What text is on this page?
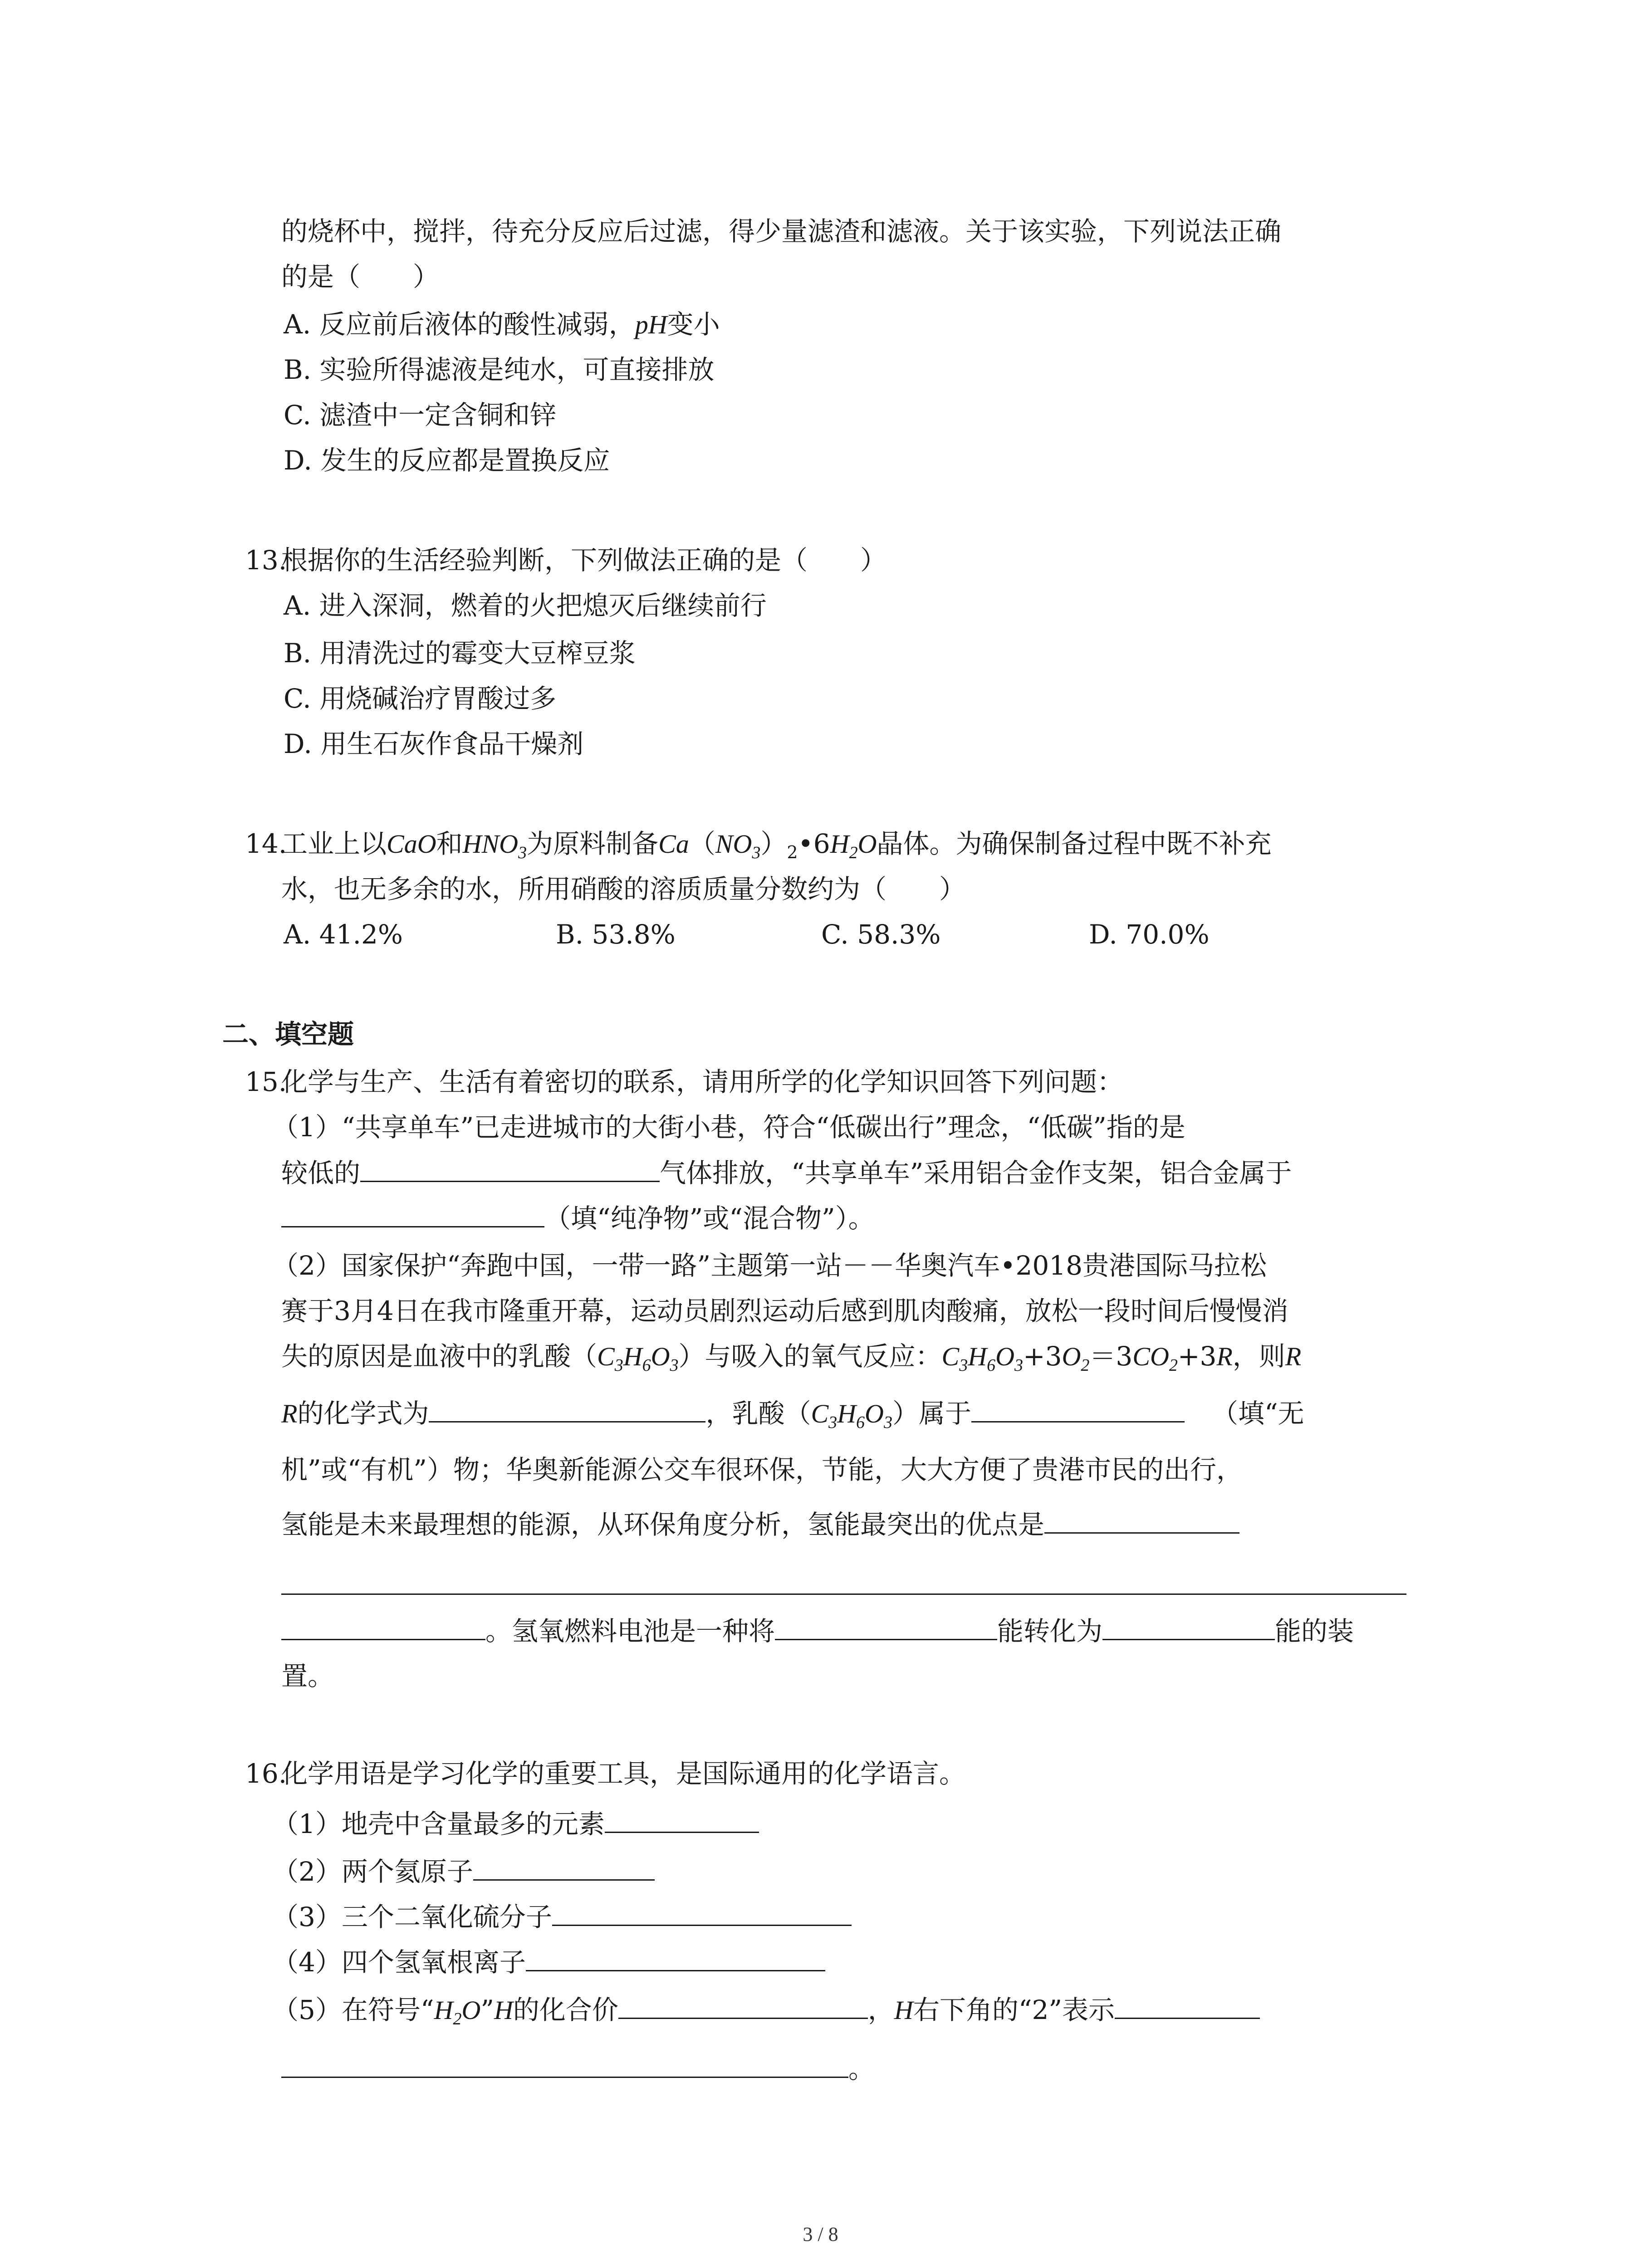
的烧杯中，搅拌，待充分反应后过滤，得少量滤渣和滤液。关于该实验，下列说法正确
的是（　　）
A. 反应前后液体的酸性减弱，pH变小
B. 实验所得滤液是纯水，可直接排放
C. 滤渣中一定含铜和锌
D. 发生的反应都是置换反应
13.
根据你的生活经验判断，下列做法正确的是（　　）
A. 进入深洞，燃着的火把熄灭后继续前行
B. 用清洗过的霉变大豆榨豆浆
C. 用烧碱治疗胃酸过多
D. 用生石灰作食品干燥剂
14.
工业上以CaO和$HNO_3$为原料制备$Ca(NO_3)_2•6H_2O$晶体。为确保制备过程中既不补充
水，也无多余的水，所用硝酸的溶质质量分数约为（　　）
A. 41.2%	B. 53.8%	C. 58.3%	D. 70.0%
二、填空题
15.
化学与生产、生活有着密切的联系，请用所学的化学知识回答下列问题：
（1）“共享单车”已走进城市的大街小巷，符合“低碳出行”理念，“低碳”指的是
较低的	气体排放，“共享单车”采用铝合金作支架，铝合金属于
（填“纯净物”或“混合物”）。
（2）国家保护“奔跑中国，一带一路”主题第一站－－华奥汽车•2018贵港国际马拉松
赛于3月4日在我市隆重开幕，运动员剧烈运动后感到肌肉酸痛，放松一段时间后慢慢消
失的原因是血液中的乳酸$(C_3H_6O_3)$与吸入的氧气反应：$C_3H_6O_3+3O_2=3CO_2+3R$，则R
R的化学式为	，乳酸$(C_3H_6O_3)$属于	（填“无
机”或“有机”）物；华奥新能源公交车很环保，节能，大大方便了贵港市民的出行，
氢能是未来最理想的能源，从环保角度分析，氢能最突出的优点是
。氢氧燃料电池是一种将	能转化为	能的装
置。
16.
化学用语是学习化学的重要工具，是国际通用的化学语言。
（1）地壳中含量最多的元素
（2）两个氦原子
（3）三个二氧化硫分子
（4）四个氢氧根离子
（5）在符号“$H_2O”H$的化合价	，H右下角的“2”表示
。
3 / 8
